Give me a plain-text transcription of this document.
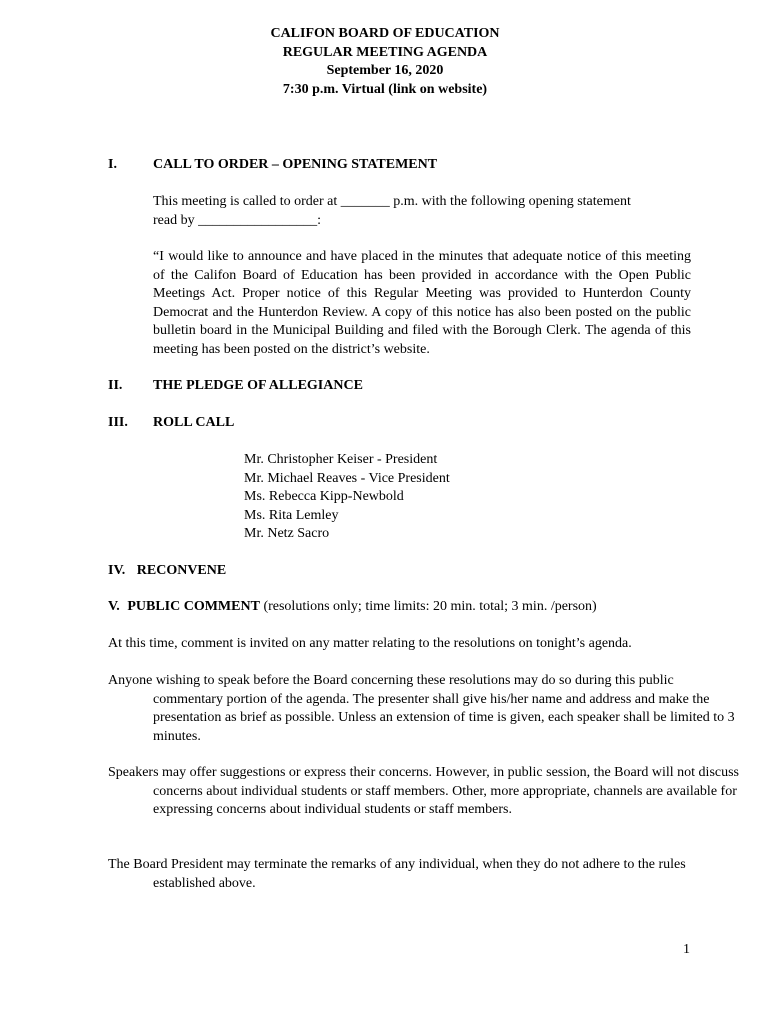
CALIFON BOARD OF EDUCATION
REGULAR MEETING AGENDA
September 16, 2020
7:30 p.m. Virtual (link on website)
I.	CALL TO ORDER – OPENING STATEMENT
This meeting is called to order at _______ p.m. with the following opening statement
read by _________________:
“I would like to announce and have placed in the minutes that adequate notice of this meeting of the Califon Board of Education has been provided in accordance with the Open Public Meetings Act. Proper notice of this Regular Meeting was provided to Hunterdon County Democrat and the Hunterdon Review. A copy of this notice has also been posted on the public bulletin board in the Municipal Building and filed with the Borough Clerk. The agenda of this meeting has been posted on the district’s website.
II. THE PLEDGE OF ALLEGIANCE
III. ROLL CALL
Mr. Christopher Keiser - President
Mr. Michael Reaves - Vice President
Ms. Rebecca Kipp-Newbold
Ms. Rita Lemley
Mr. Netz Sacro
IV. RECONVENE
V. PUBLIC COMMENT (resolutions only; time limits: 20 min. total; 3 min. /person)
At this time, comment is invited on any matter relating to the resolutions on tonight’s agenda.
Anyone wishing to speak before the Board concerning these resolutions may do so during this public commentary portion of the agenda. The presenter shall give his/her name and address and make the presentation as brief as possible. Unless an extension of time is given, each speaker shall be limited to 3 minutes.
Speakers may offer suggestions or express their concerns. However, in public session, the Board will not discuss concerns about individual students or staff members. Other, more appropriate, channels are available for expressing concerns about individual students or staff members.
The Board President may terminate the remarks of any individual, when they do not adhere to the rules established above.
1
